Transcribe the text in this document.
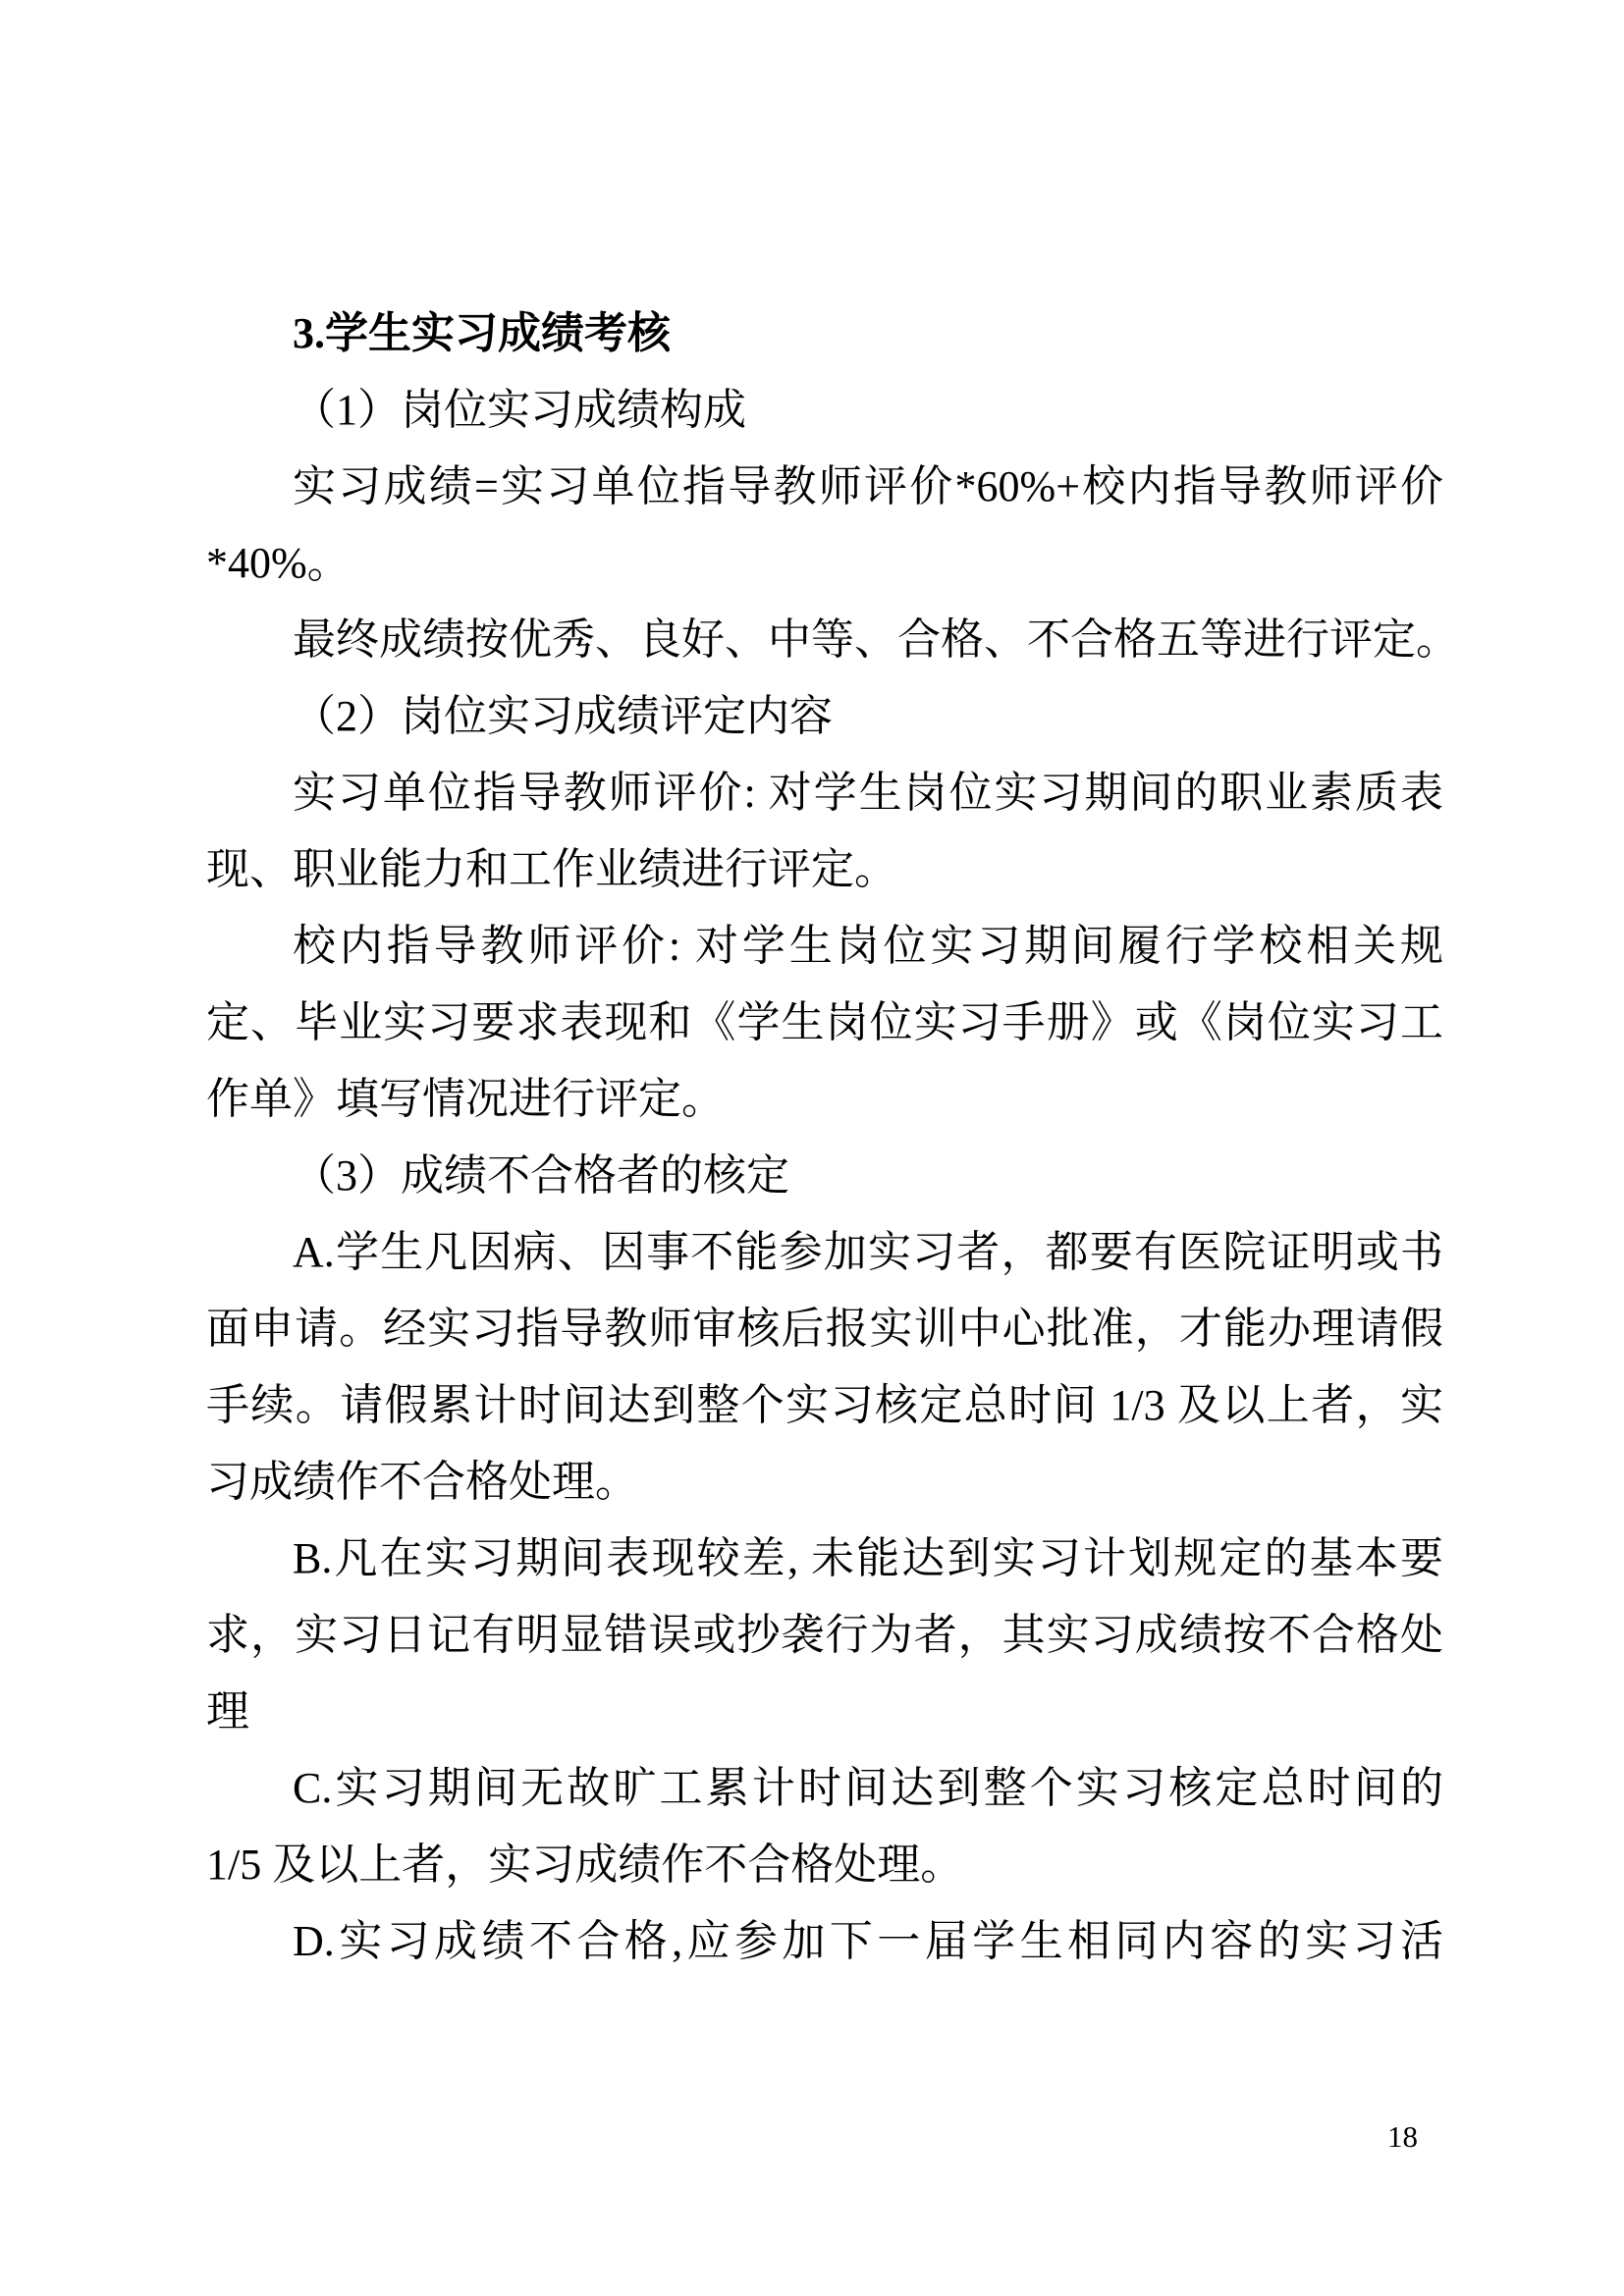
3.学生实习成绩考核
（1）岗位实习成绩构成
实习成绩=实习单位指导教师评价*60%+校内指导教师评价
*40%。
最终成绩按优秀、良好、中等、合格、不合格五等进行评定。
（2）岗位实习成绩评定内容
实习单位指导教师评价: 对学生岗位实习期间的职业素质表
现、职业能力和工作业绩进行评定。
校内指导教师评价: 对学生岗位实习期间履行学校相关规
定、毕业实习要求表现和《学生岗位实习手册》或《岗位实习工
作单》填写情况进行评定。
（3）成绩不合格者的核定
A.学生凡因病、因事不能参加实习者，都要有医院证明或书
面申请。经实习指导教师审核后报实训中心批准，才能办理请假
手续。请假累计时间达到整个实习核定总时间 1/3 及以上者，实
习成绩作不合格处理。
B.凡在实习期间表现较差, 未能达到实习计划规定的基本要
求，实习日记有明显错误或抄袭行为者，其实习成绩按不合格处
理
C.实习期间无故旷工累计时间达到整个实习核定总时间的
1/5 及以上者，实习成绩作不合格处理。
D.实习成绩不合格,应参加下一届学生相同内容的实习活
18
